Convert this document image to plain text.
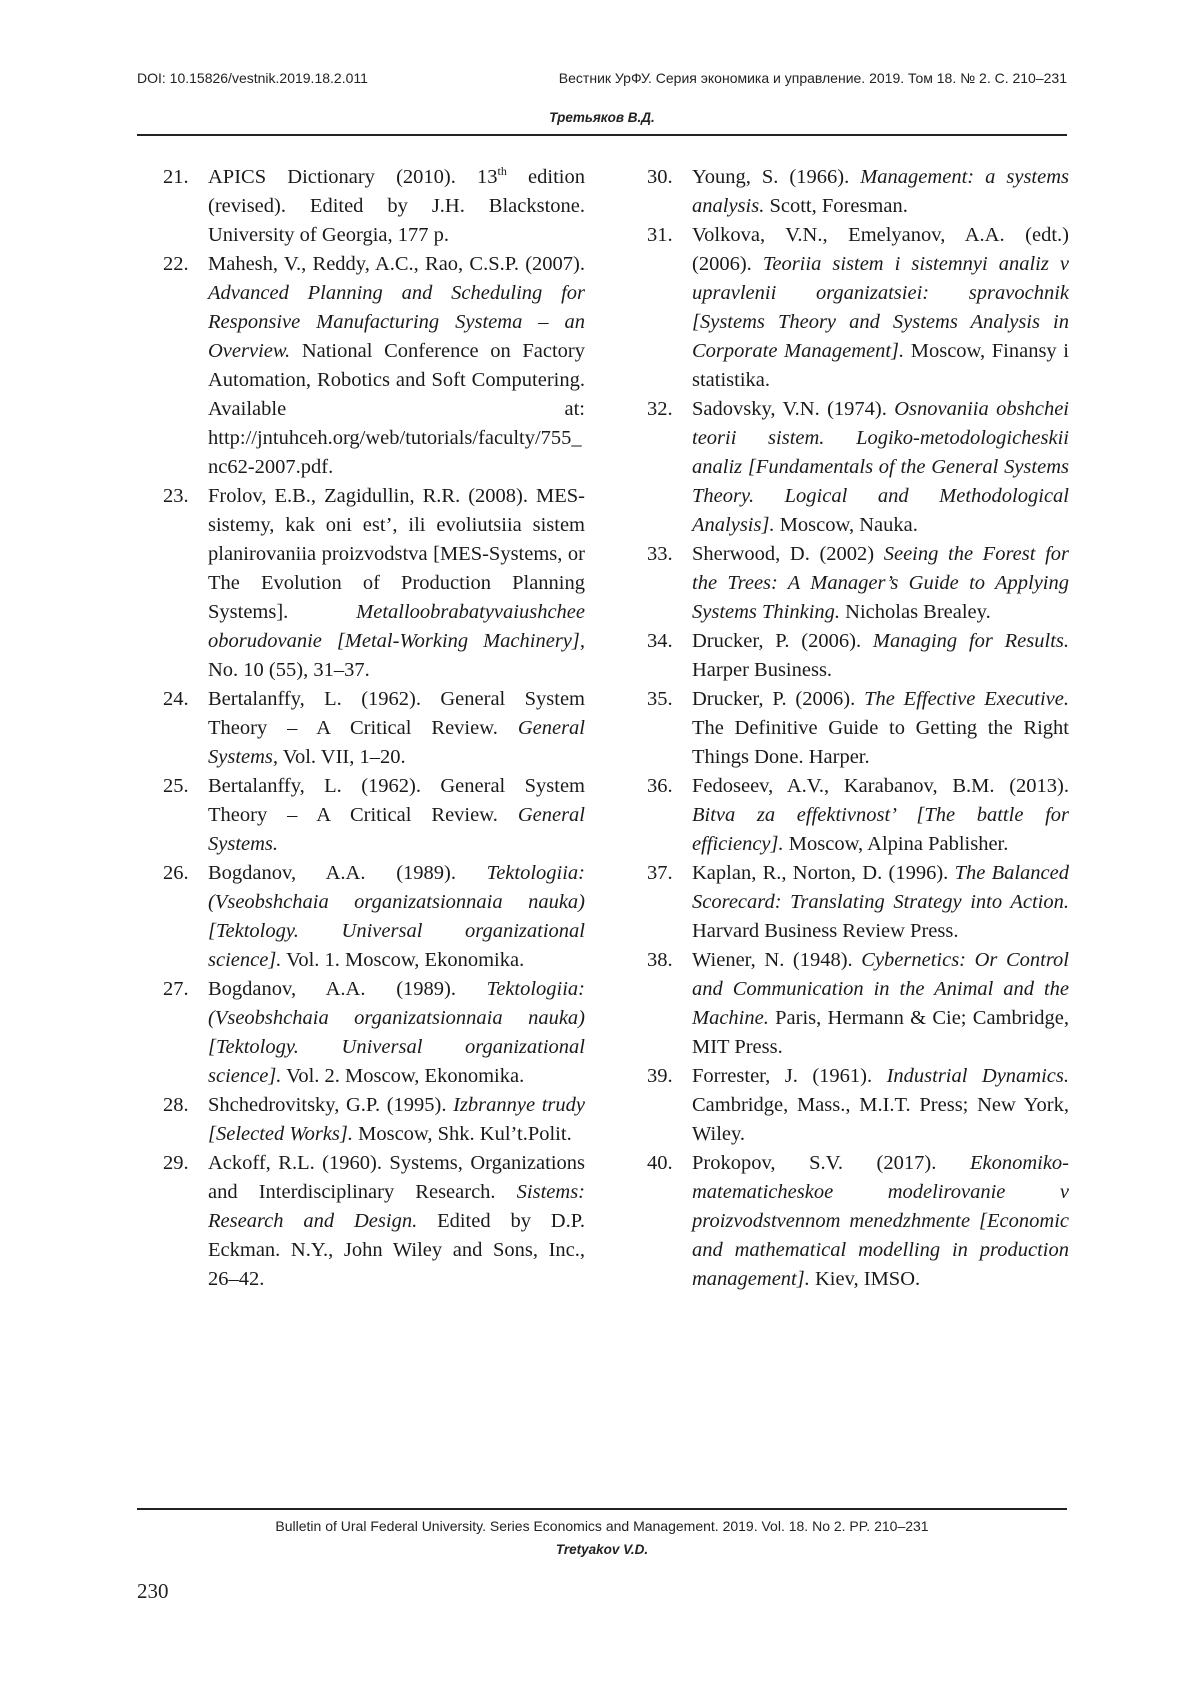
DOI: 10.15826/vestnik.2019.18.2.011	Вестник УрФУ. Серия экономика и управление. 2019. Том 18. № 2. С. 210–231
Третьяков В.Д.
21. APICS Dictionary (2010). 13th edition (revised). Edited by J.H. Blackstone. University of Georgia, 177 p.
22. Mahesh, V., Reddy, A.C., Rao, C.S.P. (2007). Advanced Planning and Scheduling for Responsive Manufacturing Systema – an Overview. National Conference on Factory Automation, Robotics and Soft Computering. Available at: http://jntuhceh.org/web/tutorials/faculty/755_nc62-2007.pdf.
23. Frolov, E.B., Zagidullin, R.R. (2008). MES-sistemy, kak oni est’, ili evoliutsiia sistem planirovaniia proizvodstva [MES-Systems, or The Evolution of Production Planning Systems]. Metalloobrabatyvaiushchee oborudovanie [Metal-Working Machinery], No. 10 (55), 31–37.
24. Bertalanffy, L. (1962). General System Theory – A Critical Review. General Systems, Vol. VII, 1–20.
25. Bertalanffy, L. (1962). General System Theory – A Critical Review. General Systems.
26. Bogdanov, A.A. (1989). Tektologiia: (Vseobshchaia organizatsionnaia nauka) [Tektology. Universal organizational science]. Vol. 1. Moscow, Ekonomika.
27. Bogdanov, A.A. (1989). Tektologiia: (Vseobshchaia organizatsionnaia nauka) [Tektology. Universal organizational science]. Vol. 2. Moscow, Ekonomika.
28. Shchedrovitsky, G.P. (1995). Izbrannye trudy [Selected Works]. Moscow, Shk. Kul’t.Polit.
29. Ackoff, R.L. (1960). Systems, Organizations and Interdisciplinary Research. Sistems: Research and Design. Edited by D.P. Eckman. N.Y., John Wiley and Sons, Inc., 26–42.
30. Young, S. (1966). Management: a systems analysis. Scott, Foresman.
31. Volkova, V.N., Emelyanov, A.A. (edt.) (2006). Teoriia sistem i sistemnyi analiz v upravlenii organizatsiei: spravochnik [Systems Theory and Systems Analysis in Corporate Management]. Moscow, Finansy i statistika.
32. Sadovsky, V.N. (1974). Osnovaniia obshchei teorii sistem. Logiko-metodologicheskii analiz [Fundamentals of the General Systems Theory. Logical and Methodological Analysis]. Moscow, Nauka.
33. Sherwood, D. (2002) Seeing the Forest for the Trees: A Manager’s Guide to Applying Systems Thinking. Nicholas Brealey.
34. Drucker, P. (2006). Managing for Results. Harper Business.
35. Drucker, P. (2006). The Effective Executive. The Definitive Guide to Getting the Right Things Done. Harper.
36. Fedoseev, A.V., Karabanov, B.M. (2013). Bitva za effektivnost’ [The battle for efficiency]. Moscow, Alpina Pablisher.
37. Kaplan, R., Norton, D. (1996). The Balanced Scorecard: Translating Strategy into Action. Harvard Business Review Press.
38. Wiener, N. (1948). Cybernetics: Or Control and Communication in the Animal and the Machine. Paris, Hermann & Cie; Cambridge, MIT Press.
39. Forrester, J. (1961). Industrial Dynamics. Cambridge, Mass., M.I.T. Press; New York, Wiley.
40. Prokopov, S.V. (2017). Ekonomiko-matematicheskoe modelirovanie v proizvodstvennom menedzhmente [Economic and mathematical modelling in production management]. Kiev, IMSO.
Bulletin of Ural Federal University. Series Economics and Management. 2019. Vol. 18. No 2. PP. 210–231
Tretyakov V.D.
230
